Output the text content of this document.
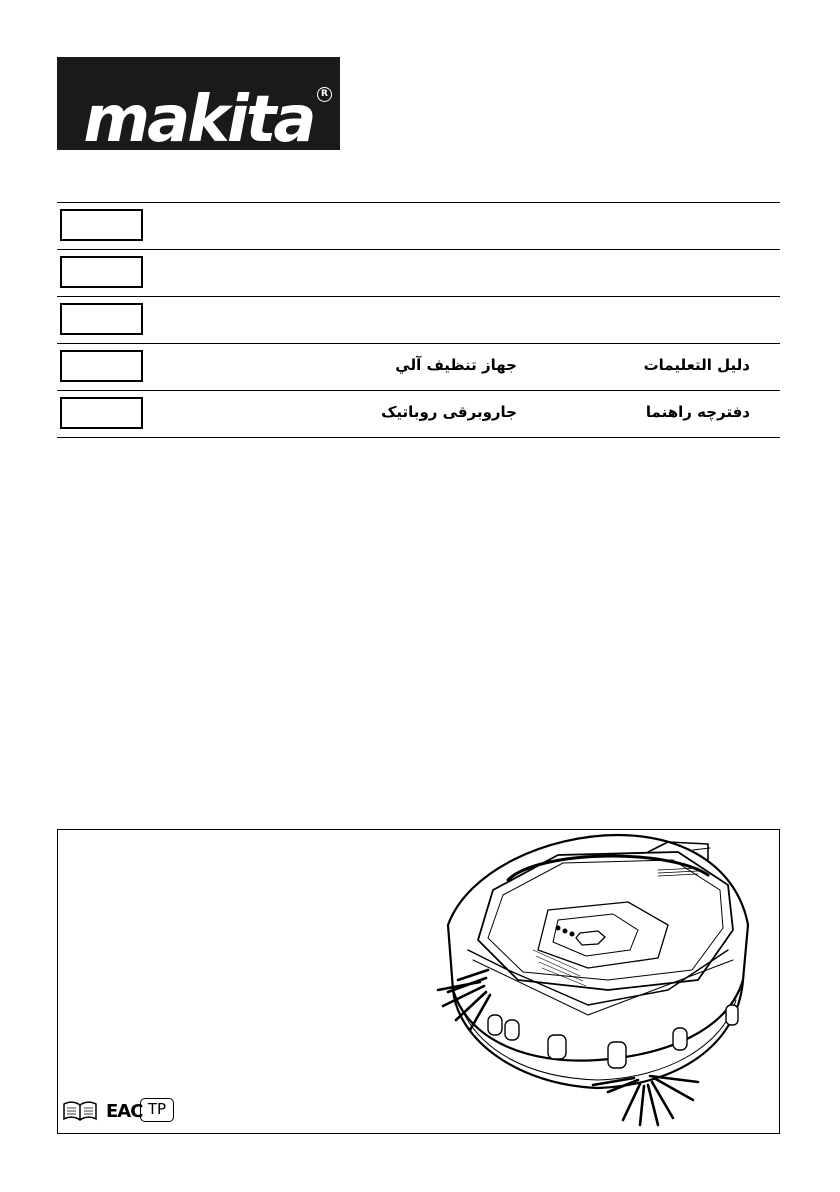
makita R
جهاز تنظيف آلي	دليل التعليمات
جاروبرقی روباتیک	دفترچه راهنما
EAC TP
